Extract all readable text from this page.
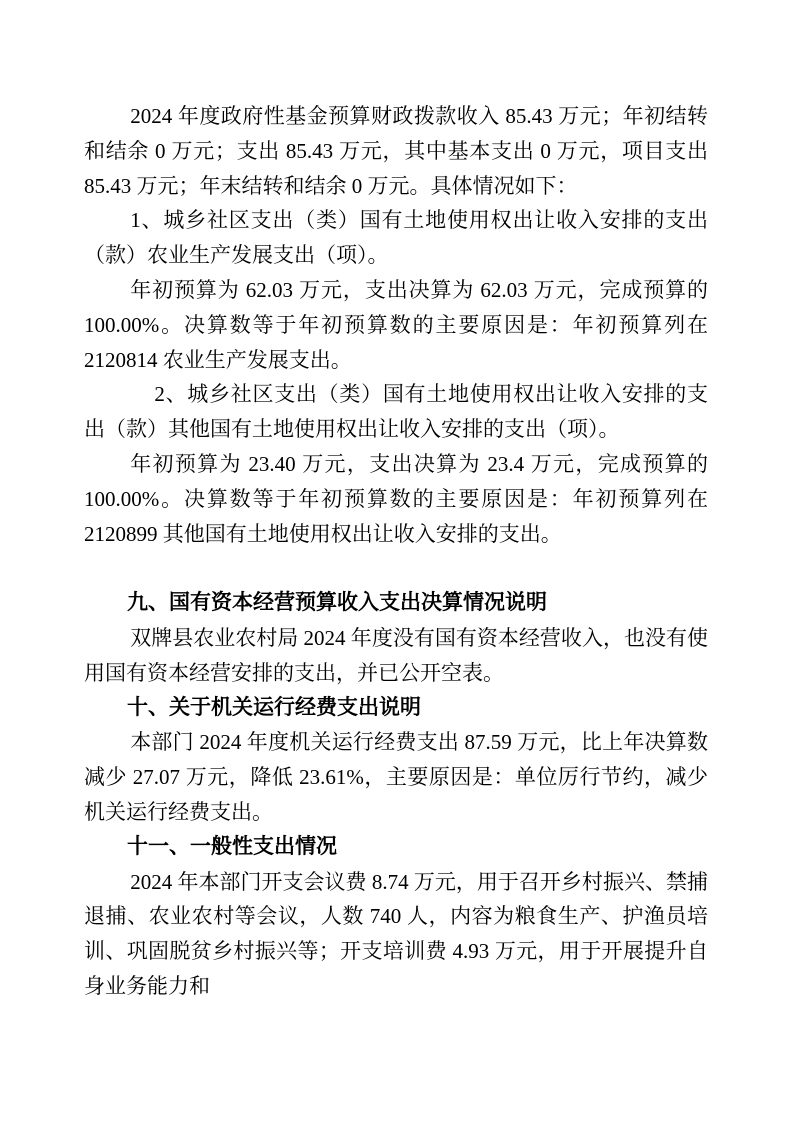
2024 年度政府性基金预算财政拨款收入 85.43 万元；年初结转和结余 0 万元；支出 85.43 万元，其中基本支出 0 万元，项目支出 85.43 万元；年末结转和结余 0 万元。具体情况如下：

1、城乡社区支出（类）国有土地使用权出让收入安排的支出（款）农业生产发展支出（项）。

年初预算为 62.03 万元，支出决算为 62.03 万元，完成预算的 100.00%。决算数等于年初预算数的主要原因是：年初预算列在 2120814 农业生产发展支出。

2、城乡社区支出（类）国有土地使用权出让收入安排的支出（款）其他国有土地使用权出让收入安排的支出（项）。

年初预算为 23.40 万元，支出决算为 23.4 万元，完成预算的 100.00%。决算数等于年初预算数的主要原因是：年初预算列在 2120899 其他国有土地使用权出让收入安排的支出。

九、国有资本经营预算收入支出决算情况说明

双牌县农业农村局 2024 年度没有国有资本经营收入，也没有使用国有资本经营安排的支出，并已公开空表。

十、关于机关运行经费支出说明

本部门 2024 年度机关运行经费支出 87.59 万元，比上年决算数减少 27.07 万元，降低 23.61%，主要原因是：单位厉行节约，减少机关运行经费支出。

十一、一般性支出情况

2024 年本部门开支会议费 8.74 万元，用于召开乡村振兴、禁捕退捕、农业农村等会议，人数 740 人，内容为粮食生产、护渔员培训、巩固脱贫乡村振兴等；开支培训费 4.93 万元，用于开展提升自身业务能力和
